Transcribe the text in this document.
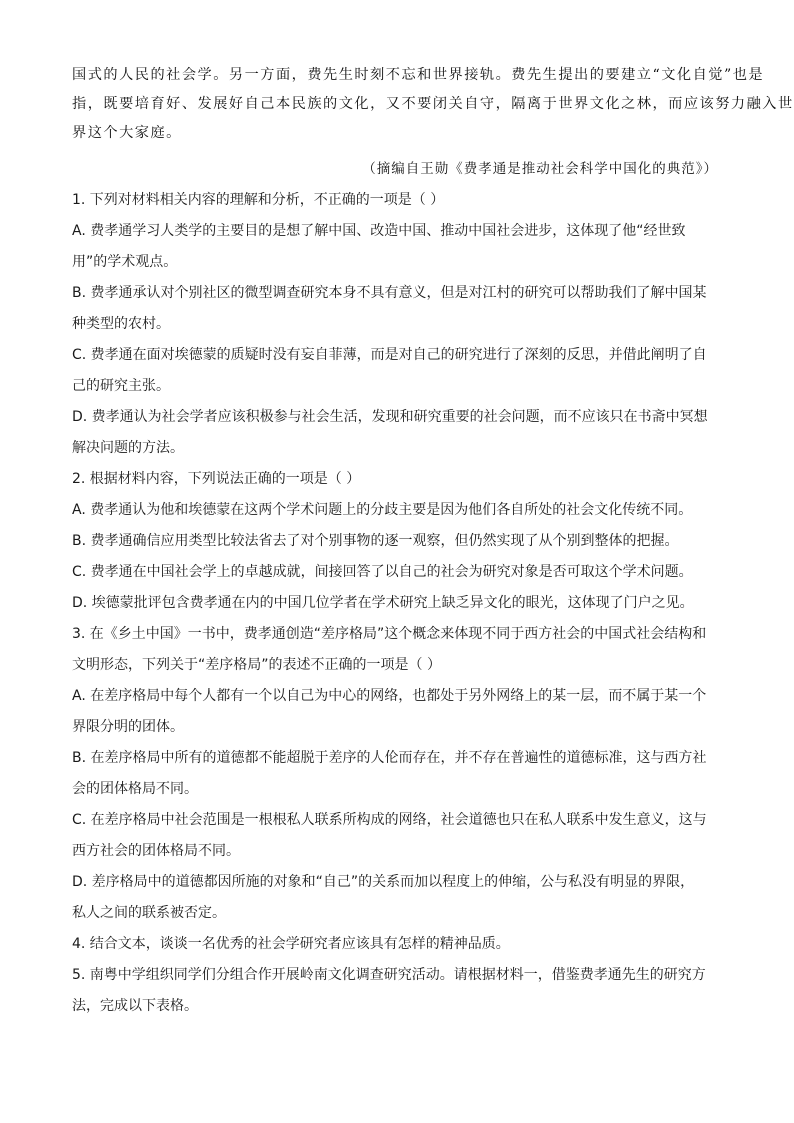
国式的人民的社会学。另一方面，费先生时刻不忘和世界接轨。费先生提出的要建立“文化自觉”也是
指，既要培育好、发展好自己本民族的文化，又不要闭关自守，隔离于世界文化之林，而应该努力融入世
界这个大家庭。
（摘编自王勋《费孝通是推动社会科学中国化的典范》）
1. 下列对材料相关内容的理解和分析，不正确的一项是（ ）
A. 费孝通学习人类学的主要目的是想了解中国、改造中国、推动中国社会进步，这体现了他“经世致
用”的学术观点。
B. 费孝通承认对个别社区的微型调查研究本身不具有意义，但是对江村的研究可以帮助我们了解中国某
种类型的农村。
C. 费孝通在面对埃德蒙的质疑时没有妄自菲薄，而是对自己的研究进行了深刻的反思，并借此阐明了自
己的研究主张。
D. 费孝通认为社会学者应该积极参与社会生活，发现和研究重要的社会问题，而不应该只在书斋中冥想
解决问题的方法。
2. 根据材料内容，下列说法正确的一项是（ ）
A. 费孝通认为他和埃德蒙在这两个学术问题上的分歧主要是因为他们各自所处的社会文化传统不同。
B. 费孝通确信应用类型比较法省去了对个别事物的逐一观察，但仍然实现了从个别到整体的把握。
C. 费孝通在中国社会学上的卓越成就，间接回答了以自己的社会为研究对象是否可取这个学术问题。
D. 埃德蒙批评包含费孝通在内的中国几位学者在学术研究上缺乏异文化的眼光，这体现了门户之见。
3. 在《乡土中国》一书中，费孝通创造“差序格局”这个概念来体现不同于西方社会的中国式社会结构和
文明形态，下列关于“差序格局”的表述不正确的一项是（ ）
A. 在差序格局中每个人都有一个以自己为中心的网络，也都处于另外网络上的某一层，而不属于某一个
界限分明的团体。
B. 在差序格局中所有的道德都不能超脱于差序的人伦而存在，并不存在普遍性的道德标准，这与西方社
会的团体格局不同。
C. 在差序格局中社会范围是一根根私人联系所构成的网络，社会道德也只在私人联系中发生意义，这与
西方社会的团体格局不同。
D. 差序格局中的道德都因所施的对象和“自己”的关系而加以程度上的伸缩，公与私没有明显的界限，
私人之间的联系被否定。
4. 结合文本，谈谈一名优秀的社会学研究者应该具有怎样的精神品质。
5. 南粤中学组织同学们分组合作开展岭南文化调查研究活动。请根据材料一，借鉴费孝通先生的研究方
法，完成以下表格。
